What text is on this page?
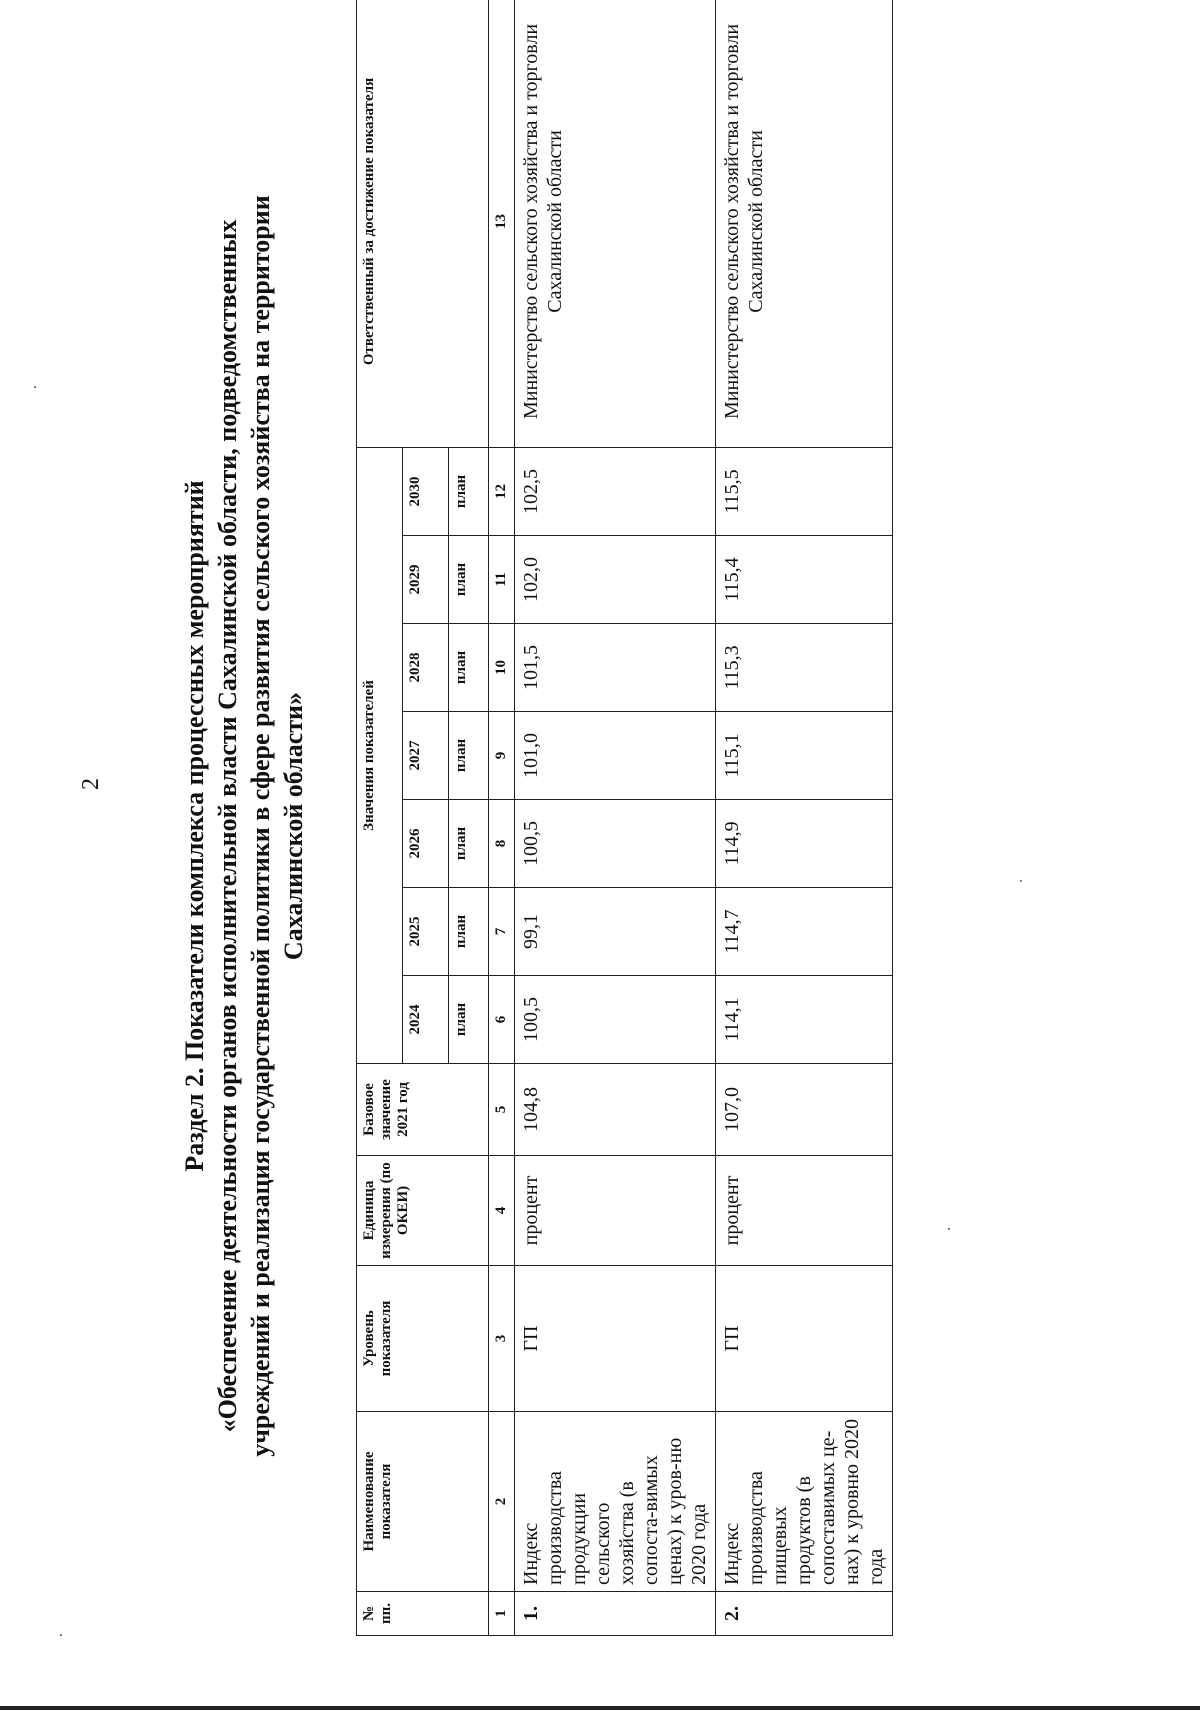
2	Раздел 2. Показатели комплекса процессных мероприятий «Обеспечение деятельности органов исполнительной власти Сахалинской области, подведомственных учреждений и реализация государственной политики в сфере развития сельского хозяйства на территории Сахалинской области»
№ пп.	Наименование показателя	Уровень показателя	Единица измерения (по ОКЕИ)	Базовое значение 2021 год	Значения показателей							Ответственный за достижение показателя
					2024	2025	2026	2027	2028	2029	2030	
					план	план	план	план	план	план	план	
1	2	3	4	5	6	7	8	9	10	11	12	13
1.	Индекс производства продукции сельского хозяйства (в сопоста-вимых ценах) к уров-ню 2020 года	ГП	процент	104,8	100,5	99,1	100,5	101,0	101,5	102,0	102,5	Министерство сельского хозяйства и торговли Сахалинской области
2.	Индекс производства пищевых продуктов (в сопоставимых це-нах) к уровню 2020 года	ГП	процент	107,0	114,1	114,7	114,9	115,1	115,3	115,4	115,5	Министерство сельского хозяйства и торговли Сахалинской области
